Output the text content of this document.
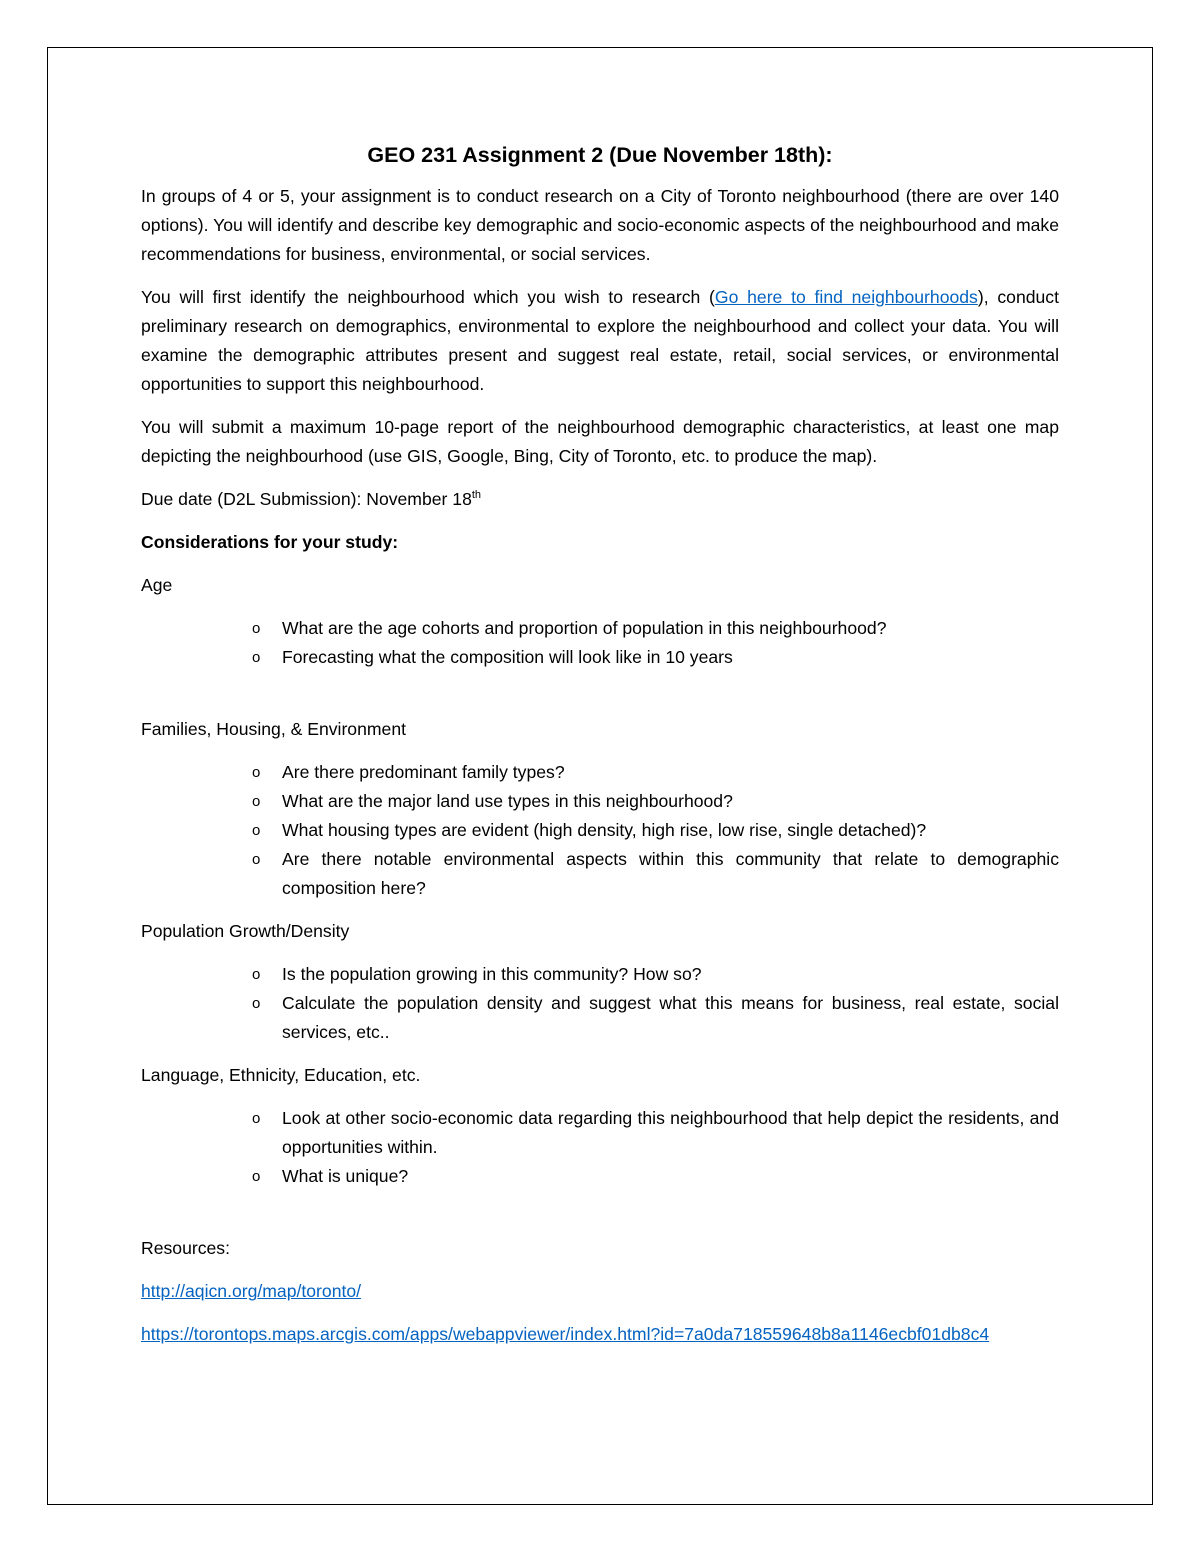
GEO 231 Assignment 2 (Due November 18th):

In groups of 4 or 5, your assignment is to conduct research on a City of Toronto neighbourhood (there are over 140 options). You will identify and describe key demographic and socio-economic aspects of the neighbourhood and make recommendations for business, environmental, or social services.

You will first identify the neighbourhood which you wish to research (Go here to find neighbourhoods), conduct preliminary research on demographics, environmental to explore the neighbourhood and collect your data. You will examine the demographic attributes present and suggest real estate, retail, social services, or environmental opportunities to support this neighbourhood.

You will submit a maximum 10-page report of the neighbourhood demographic characteristics, at least one map depicting the neighbourhood (use GIS, Google, Bing, City of Toronto, etc. to produce the map).

Due date (D2L Submission): November 18th

Considerations for your study:

Age

o What are the age cohorts and proportion of population in this neighbourhood?
o Forecasting what the composition will look like in 10 years

Families, Housing, & Environment

o Are there predominant family types?
o What are the major land use types in this neighbourhood?
o What housing types are evident (high density, high rise, low rise, single detached)?
o Are there notable environmental aspects within this community that relate to demographic composition here?

Population Growth/Density

o Is the population growing in this community? How so?
o Calculate the population density and suggest what this means for business, real estate, social services, etc..

Language, Ethnicity, Education, etc.

o Look at other socio-economic data regarding this neighbourhood that help depict the residents, and opportunities within.
o What is unique?

Resources:

http://aqicn.org/map/toronto/

https://torontops.maps.arcgis.com/apps/webappviewer/index.html?id=7a0da718559648b8a1146ecbf01db8c4
